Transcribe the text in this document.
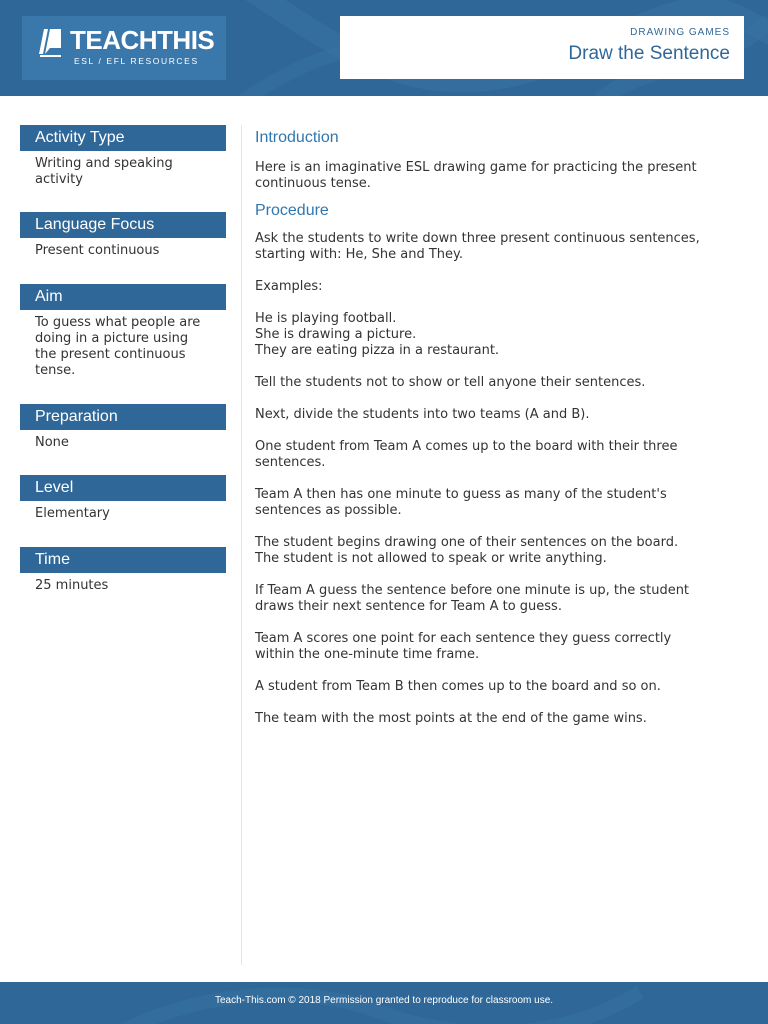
TEACHTHIS
ESL / EFL RESOURCES
DRAWING GAMES
Draw the Sentence
Activity Type
Writing and speaking
activity
Language Focus
Present continuous
Aim
To guess what people are
doing in a picture using
the present continuous
tense.
Preparation
None
Level
Elementary
Time
25 minutes
Introduction
Here is an imaginative ESL drawing game for practicing the present
continuous tense.
Procedure
Ask the students to write down three present continuous sentences,
starting with: He, She and They.
Examples:
He is playing football.
She is drawing a picture.
They are eating pizza in a restaurant.
Tell the students not to show or tell anyone their sentences.
Next, divide the students into two teams (A and B).
One student from Team A comes up to the board with their three
sentences.
Team A then has one minute to guess as many of the student's
sentences as possible.
The student begins drawing one of their sentences on the board.
The student is not allowed to speak or write anything.
If Team A guess the sentence before one minute is up, the student
draws their next sentence for Team A to guess.
Team A scores one point for each sentence they guess correctly
within the one-minute time frame.
A student from Team B then comes up to the board and so on.
The team with the most points at the end of the game wins.
Teach-This.com © 2018 Permission granted to reproduce for classroom use.
